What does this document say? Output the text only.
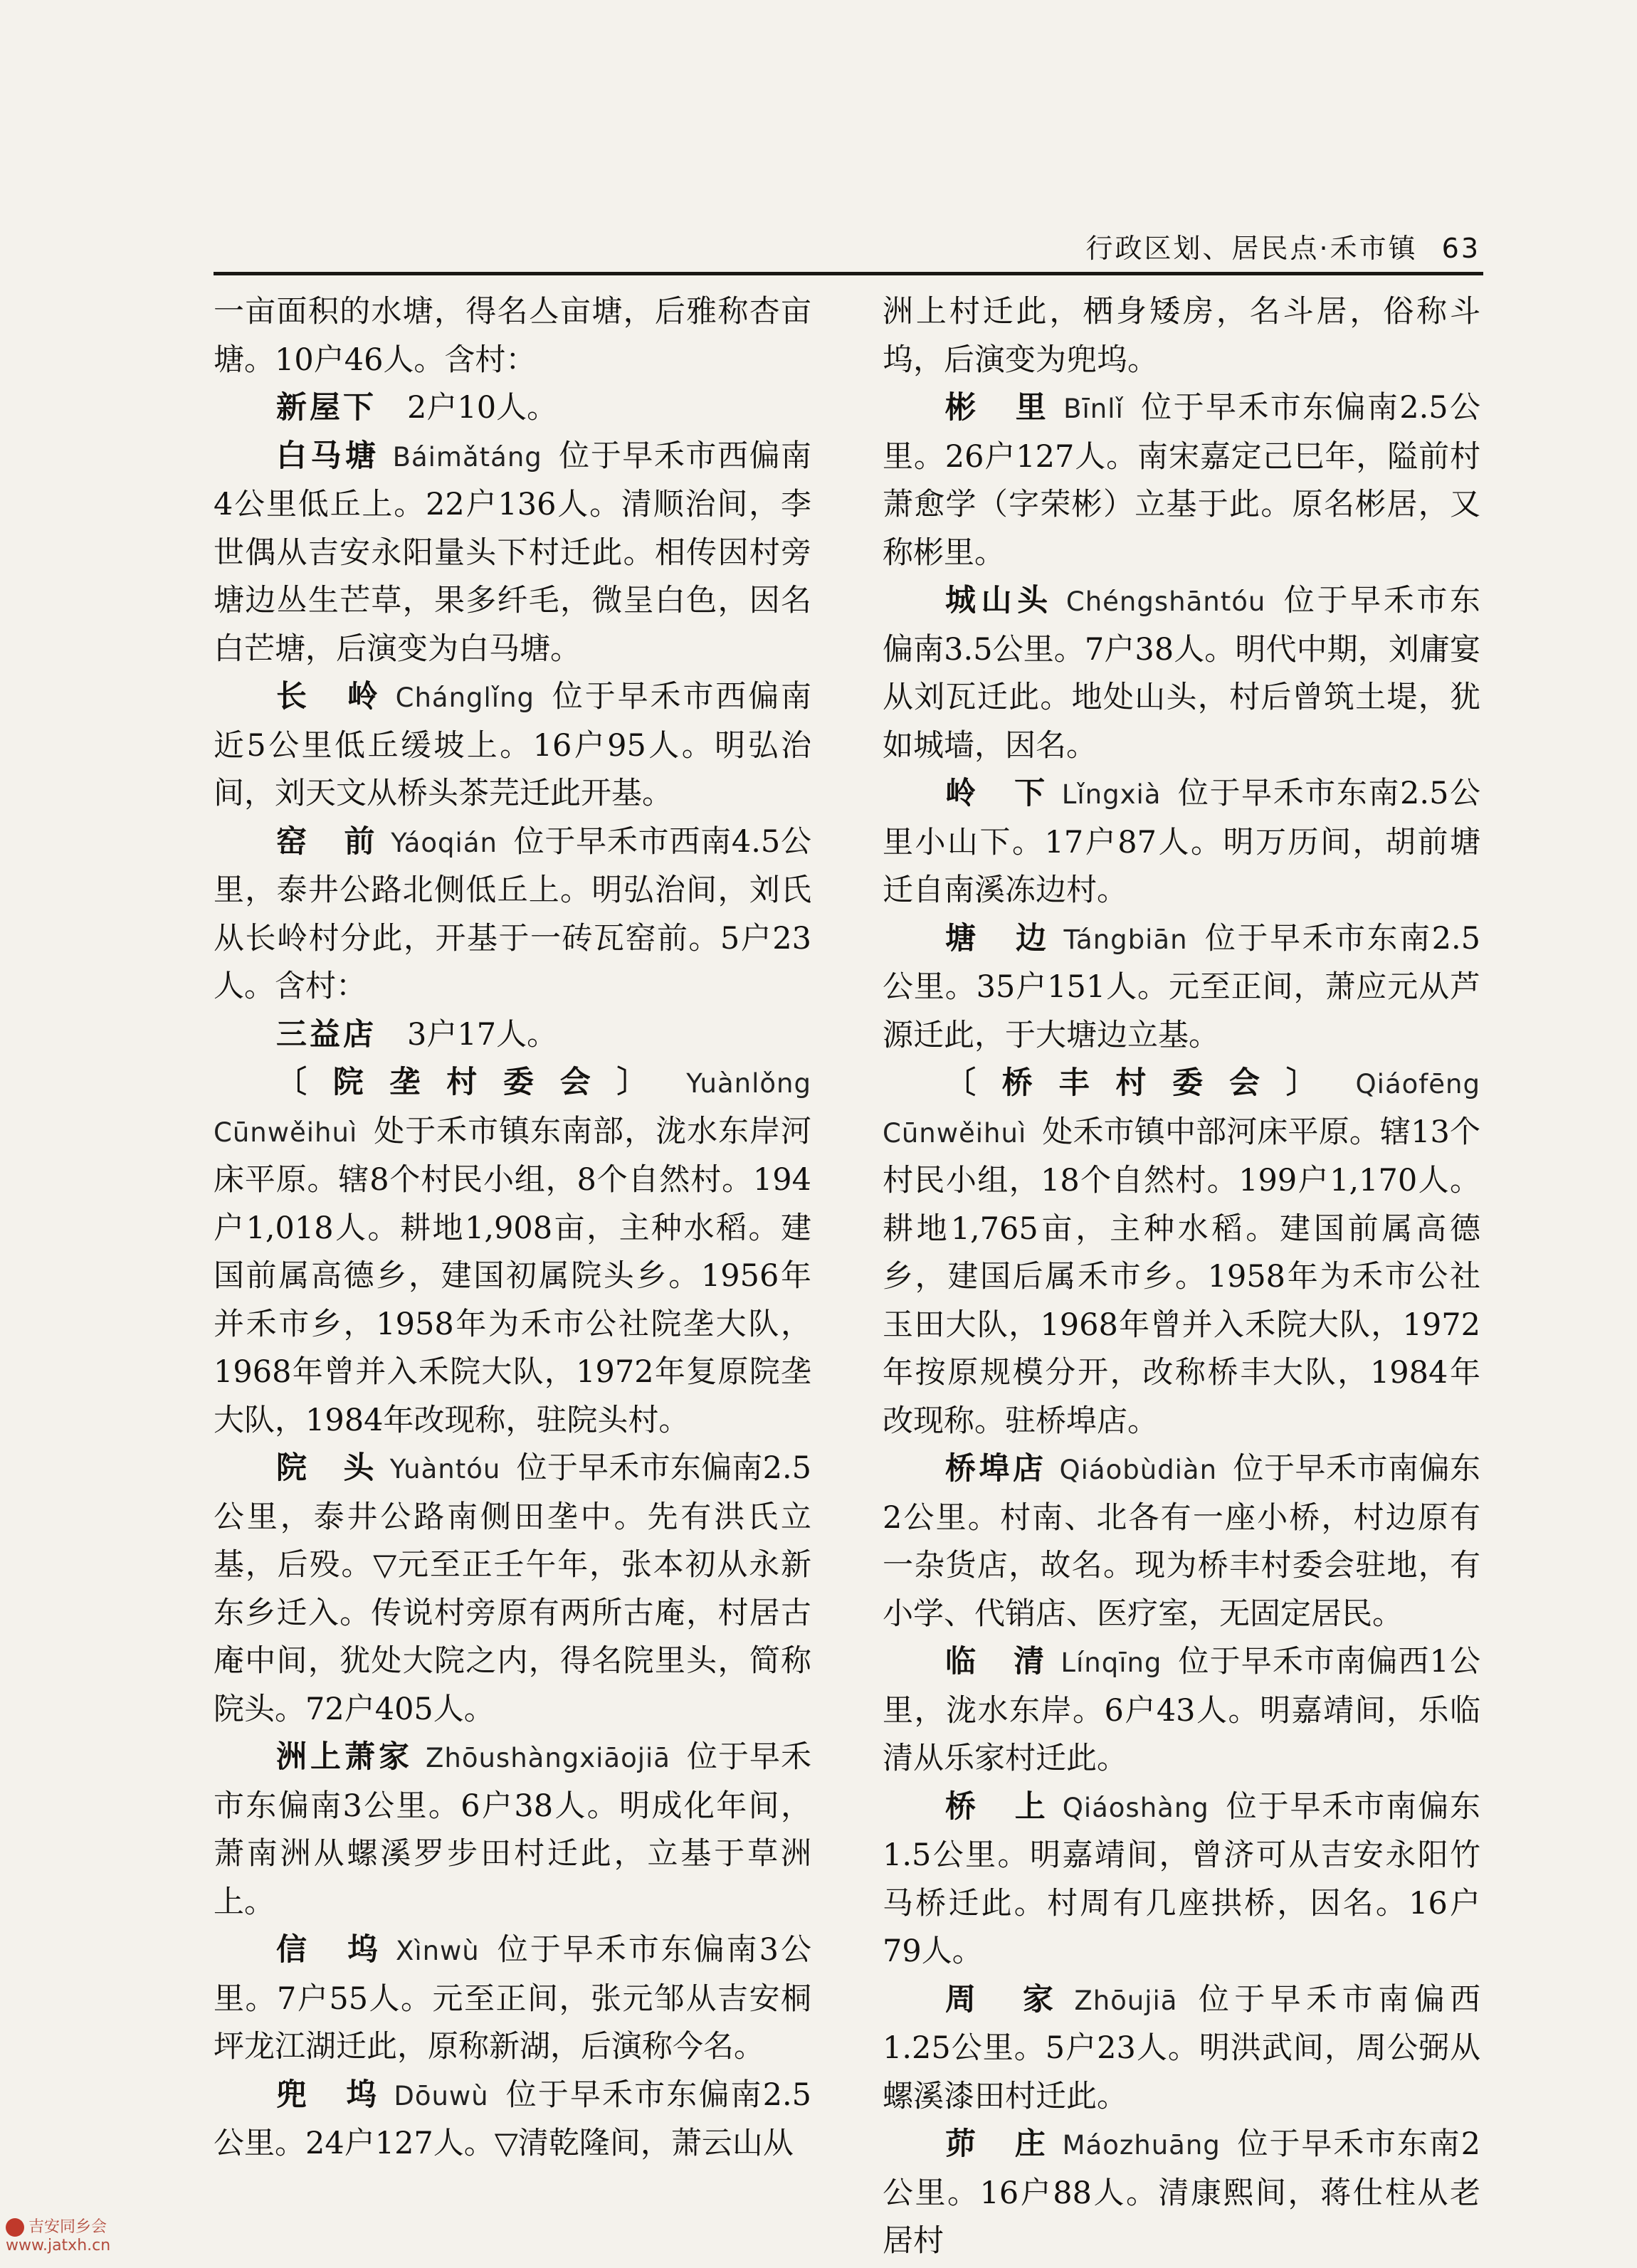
行政区划、居民点·禾市镇 63

一亩面积的水塘，得名亼亩塘，后雅称杏亩塘。10户46人。含村：

新屋下　 2户10人。

白马塘 Báimǎtáng 位于早禾市西偏南4公里低丘上。22户136人。清顺治间，李世偶从吉安永阳量头下村迁此。相传因村旁塘边丛生芒草，果多纤毛，微呈白色，因名白芒塘，后演变为白马塘。

长　岭 Chánglǐng 位于早禾市西偏南近5公里低丘缓坡上。16户95人。明弘治间，刘天文从桥头茶芫迁此开基。

窑　前 Yáoqián 位于早禾市西南4.5公里，泰井公路北侧低丘上。明弘治间，刘氏从长岭村分此，开基于一砖瓦窑前。5户23人。含村：

三益店　 3户17人。

〔院垄村委会〕 Yuànlǒng Cūnwěihuì 处于禾市镇东南部，泷水东岸河床平原。辖8个村民小组，8个自然村。194户1,018人。耕地1,908亩，主种水稻。建国前属高德乡，建国初属院头乡。1956年并禾市乡，1958年为禾市公社院垄大队，1968年曾并入禾院大队，1972年复原院垄大队，1984年改现称，驻院头村。

院　头 Yuàntóu 位于早禾市东偏南2.5公里，泰井公路南侧田垄中。先有洪氏立基，后殁。▽元至正壬午年，张本初从永新东乡迁入。传说村旁原有两所古庵，村居古庵中间，犹处大院之内，得名院里头，简称院头。72户405人。

洲上萧家 Zhōushàngxiāojiā 位于早禾市东偏南3公里。6户38人。明成化年间，萧南洲从螺溪罗步田村迁此，立基于草洲上。

信　坞 Xìnwù 位于早禾市东偏南3公里。7户55人。元至正间，张元邹从吉安桐坪龙江湖迁此，原称新湖，后演称今名。

兜　坞 Dōuwù 位于早禾市东偏南2.5公里。24户127人。▽清乾隆间，萧云山从

洲上村迁此，栖身矮房，名斗居，俗称斗坞，后演变为兜坞。

彬　里 Bīnlǐ 位于早禾市东偏南2.5公里。26户127人。南宋嘉定己巳年，隘前村萧愈学（字荣彬）立基于此。原名彬居，又称彬里。

城山头 Chéngshāntóu 位于早禾市东偏南3.5公里。7户38人。明代中期，刘庸宴从刘瓦迁此。地处山头，村后曾筑土堤，犹如城墙，因名。

岭　下 Lǐngxià 位于早禾市东南2.5公里小山下。17户87人。明万历间，胡前塘迁自南溪冻边村。

塘　边 Tángbiān 位于早禾市东南2.5公里。35户151人。元至正间，萧应元从芦源迁此，于大塘边立基。

〔桥丰村委会〕 Qiáofēng Cūnwěihuì 处禾市镇中部河床平原。辖13个村民小组，18个自然村。199户1,170人。耕地1,765亩，主种水稻。建国前属高德乡，建国后属禾市乡。1958年为禾市公社玉田大队，1968年曾并入禾院大队，1972年按原规模分开，改称桥丰大队，1984年改现称。驻桥埠店。

桥埠店 Qiáobùdiàn 位于早禾市南偏东2公里。村南、北各有一座小桥，村边原有一杂货店，故名。现为桥丰村委会驻地，有小学、代销店、医疗室，无固定居民。

临　清 Línqīng 位于早禾市南偏西1公里，泷水东岸。6户43人。明嘉靖间，乐临清从乐家村迁此。

桥　上 Qiáoshàng 位于早禾市南偏东1.5公里。明嘉靖间，曾济可从吉安永阳竹马桥迁此。村周有几座拱桥，因名。16户79人。

周　家 Zhōujiā 位于早禾市南偏西1.25公里。5户23人。明洪武间，周公弼从螺溪漆田村迁此。

茆　庄 Máozhuāng 位于早禾市东南2公里。16户88人。清康熙间，蒋仕柱从老居村

吉安同乡会
www.jatxh.cn
